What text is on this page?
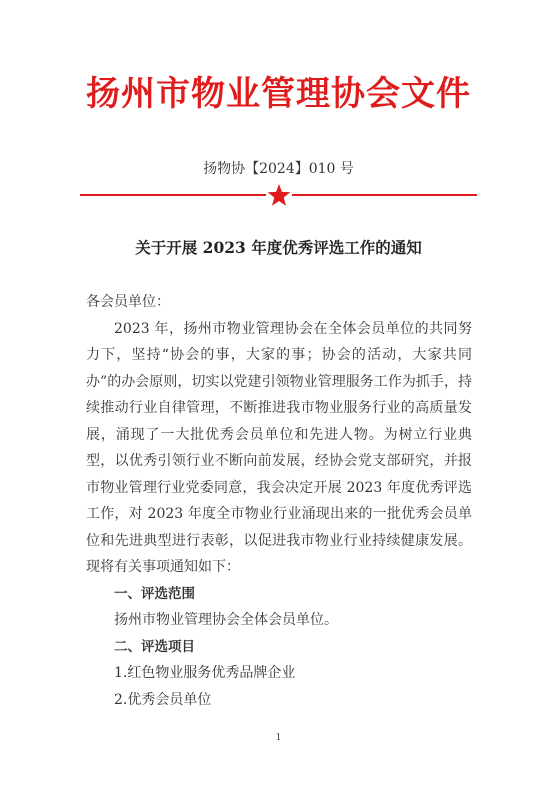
扬州市物业管理协会文件
扬物协【2024】010 号
关于开展 2023 年度优秀评选工作的通知

各会员单位：

2023 年，扬州市物业管理协会在全体会员单位的共同努力下，坚持“协会的事，大家的事；协会的活动，大家共同办”的办会原则，切实以党建引领物业管理服务工作为抓手，持续推动行业自律管理，不断推进我市物业服务行业的高质量发展，涌现了一大批优秀会员单位和先进人物。为树立行业典型，以优秀引领行业不断向前发展，经协会党支部研究，并报市物业管理行业党委同意，我会决定开展 2023 年度优秀评选工作，对 2023 年度全市物业行业涌现出来的一批优秀会员单位和先进典型进行表彰，以促进我市物业行业持续健康发展。现将有关事项通知如下：

一、评选范围

扬州市物业管理协会全体会员单位。

二、评选项目

1.红色物业服务优秀品牌企业

2.优秀会员单位

1
